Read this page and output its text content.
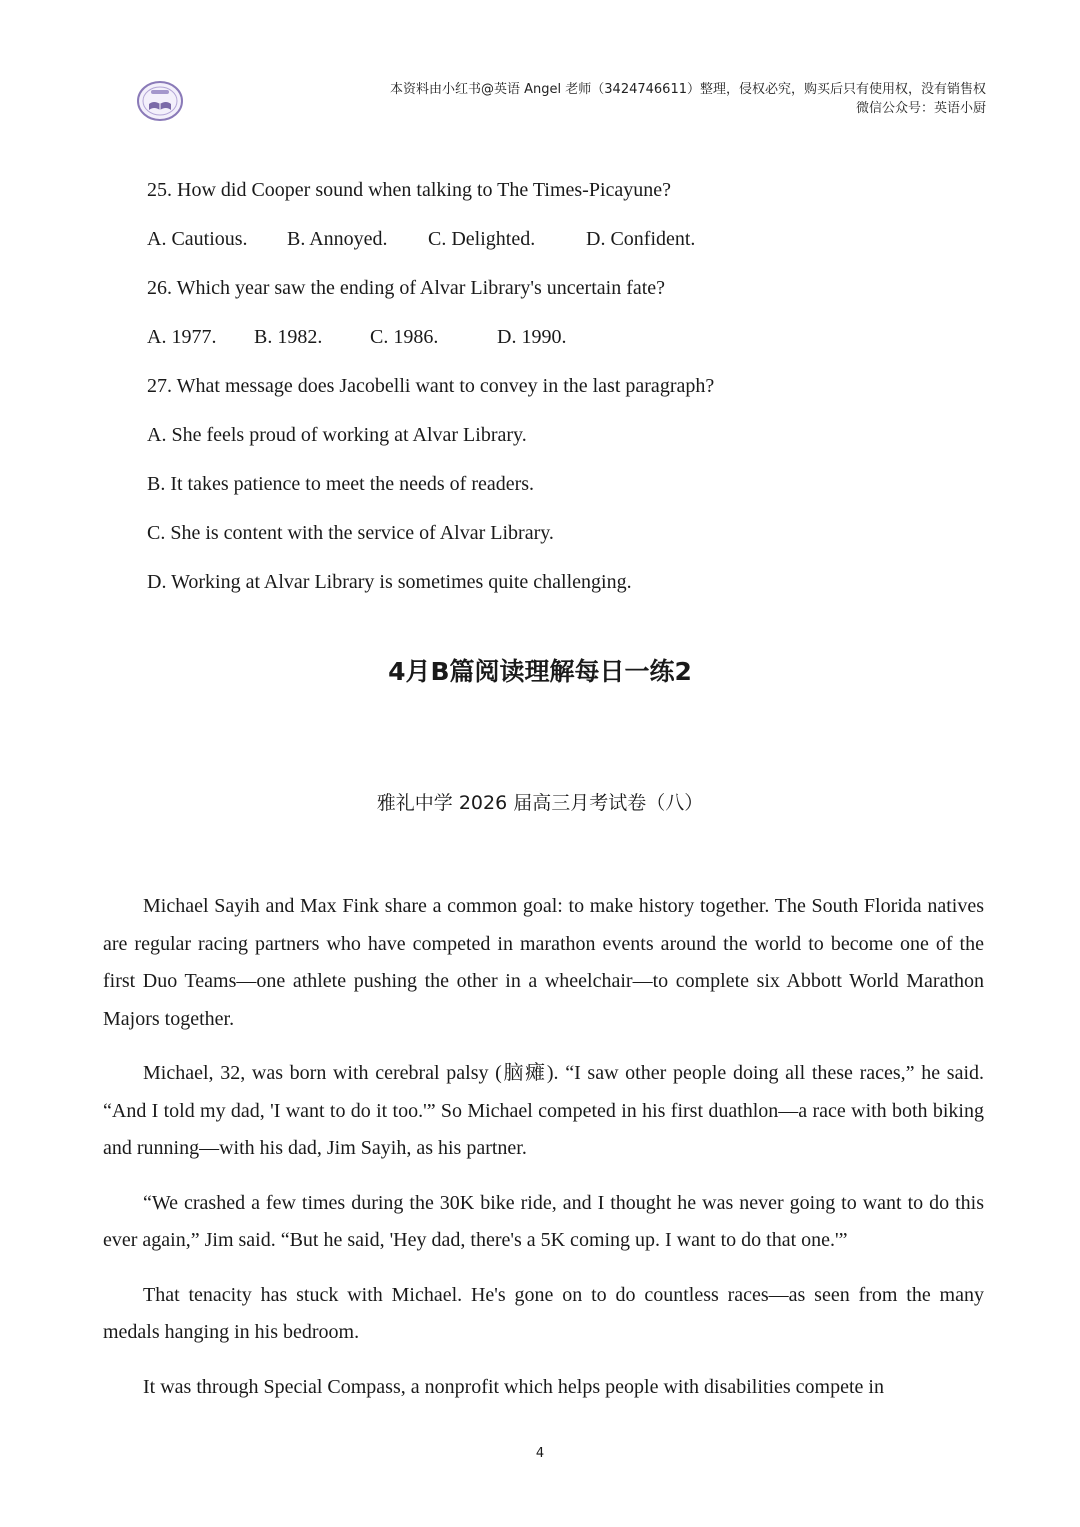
本资料由小红书@英语 Angel 老师（3424746611）整理，侵权必究，购买后只有使用权，没有销售权
微信公众号：英语小厨
25. How did Cooper sound when talking to The Times-Picayune?
A. Cautious.	B. Annoyed.	C. Delighted.	D. Confident.
26. Which year saw the ending of Alvar Library's uncertain fate?
A. 1977.	B. 1982.	C. 1986.	D. 1990.
27. What message does Jacobelli want to convey in the last paragraph?
A. She feels proud of working at Alvar Library.
B. It takes patience to meet the needs of readers.
C. She is content with the service of Alvar Library.
D. Working at Alvar Library is sometimes quite challenging.
4月B篇阅读理解每日一练2
雅礼中学 2026 届高三月考试卷（八）

Michael Sayih and Max Fink share a common goal: to make history together. The South Florida natives are regular racing partners who have competed in marathon events around the world to become one of the first Duo Teams—one athlete pushing the other in a wheelchair—to complete six Abbott World Marathon Majors together.

Michael, 32, was born with cerebral palsy (脑瘫). “I saw other people doing all these races,” he said. “And I told my dad, 'I want to do it too.'” So Michael competed in his first duathlon—a race with both biking and running—with his dad, Jim Sayih, as his partner.

“We crashed a few times during the 30K bike ride, and I thought he was never going to want to do this ever again,” Jim said. “But he said, 'Hey dad, there's a 5K coming up. I want to do that one.'”

That tenacity has stuck with Michael. He's gone on to do countless races—as seen from the many medals hanging in his bedroom.

It was through Special Compass, a nonprofit which helps people with disabilities compete in

4
